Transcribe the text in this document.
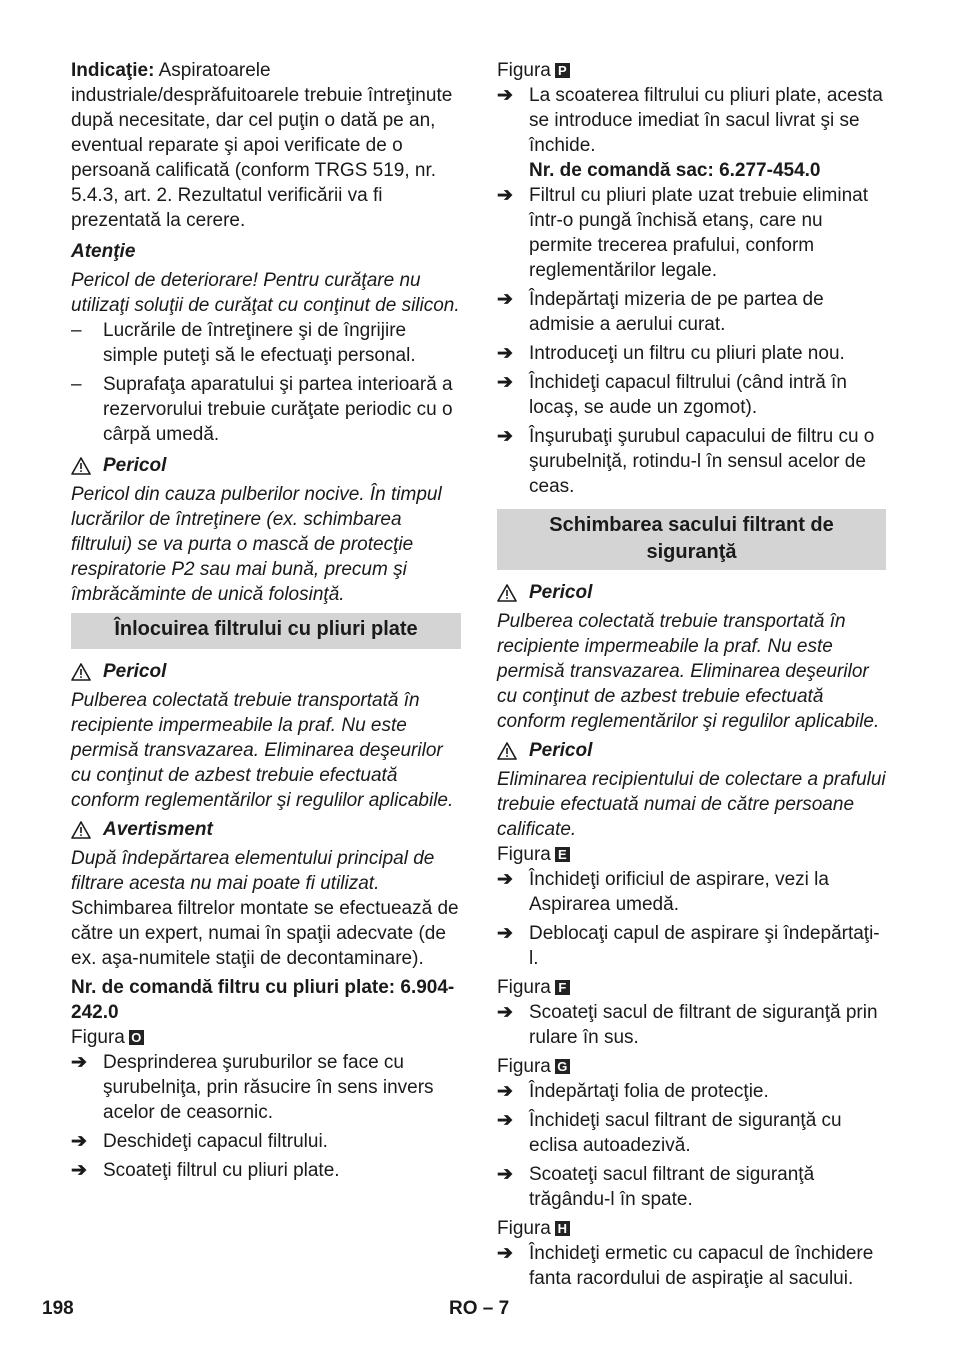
Indicaţie: Aspiratoarele industriale/desprăfuitoarele trebuie întreţinute după necesitate, dar cel puţin o dată pe an, eventual reparate şi apoi verificate de o persoană calificată (conform TRGS 519, nr. 5.4.3, art. 2. Rezultatul verificării va fi prezentată la cerere.

Atenţie

Pericol de deteriorare! Pentru curăţare nu utilizaţi soluţii de curăţat cu conţinut de silicon.

–	Lucrările de întreţinere şi de îngrijire simple puteţi să le efectuaţi personal.
–	Suprafaţa aparatului şi partea interioară a rezervorului trebuie curăţate periodic cu o cârpă umedă.
Pericol

Pericol din cauza pulberilor nocive. În timpul lucrărilor de întreţinere (ex. schimbarea filtrului) se va purta o mască de protecţie respiratorie P2 sau mai bună, precum şi îmbrăcăminte de unică folosinţă.

Înlocuirea filtrului cu pliuri plate
Pericol

Pulberea colectată trebuie transportată în recipiente impermeabile la praf. Nu este permisă transvazarea. Eliminarea deşeurilor cu conţinut de azbest trebuie efectuată conform reglementărilor şi regulilor aplicabile.

Avertisment

După îndepărtarea elementului principal de filtrare acesta nu mai poate fi utilizat.

Schimbarea filtrelor montate se efectuează de către un expert, numai în spaţii adecvate (de ex. aşa-numitele staţii de decontaminare).

Nr. de comandă filtru cu pliuri plate: 6.904-242.0

Figura O

➔ Desprinderea şuruburilor se face cu şurubelniţa, prin răsucire în sens invers acelor de ceasornic.
➔ Deschideţi capacul filtrului.
➔ Scoateţi filtrul cu pliuri plate.

Figura P

➔ La scoaterea filtrului cu pliuri plate, acesta se introduce imediat în sacul livrat şi se închide.

Nr. de comandă sac: 6.277-454.0

➔ Filtrul cu pliuri plate uzat trebuie eliminat într-o pungă închisă etanş, care nu permite trecerea prafului, conform reglementărilor legale.
➔ Îndepărtaţi mizeria de pe partea de admisie a aerului curat.
➔ Introduceţi un filtru cu pliuri plate nou.
➔ Închideţi capacul filtrului (când intră în locaş, se aude un zgomot).
➔ Înşurubaţi şurubul capacului de filtru cu o şurubelniţă, rotindu-l în sensul acelor de ceas.
Schimbarea sacului filtrant de siguranţă
Pericol

Pulberea colectată trebuie transportată în recipiente impermeabile la praf. Nu este permisă transvazarea. Eliminarea deşeurilor cu conţinut de azbest trebuie efectuată conform reglementărilor şi regulilor aplicabile.

Pericol

Eliminarea recipientului de colectare a prafului trebuie efectuată numai de către persoane calificate.

Figura E

➔ Închideţi orificiul de aspirare, vezi la Aspirarea umedă.
➔ Deblocaţi capul de aspirare şi îndepărtaţi-l.

Figura F

➔ Scoateţi sacul de filtrant de siguranţă prin rulare în sus.

Figura G

➔ Îndepărtaţi folia de protecţie.
➔ Închideţi sacul filtrant de siguranţă cu eclisa autoadezivă.
➔ Scoateţi sacul filtrant de siguranţă trăgându-l în spate.

Figura H

➔ Închideţi ermetic cu capacul de închidere fanta racordului de aspiraţie al sacului.
198	RO – 7
